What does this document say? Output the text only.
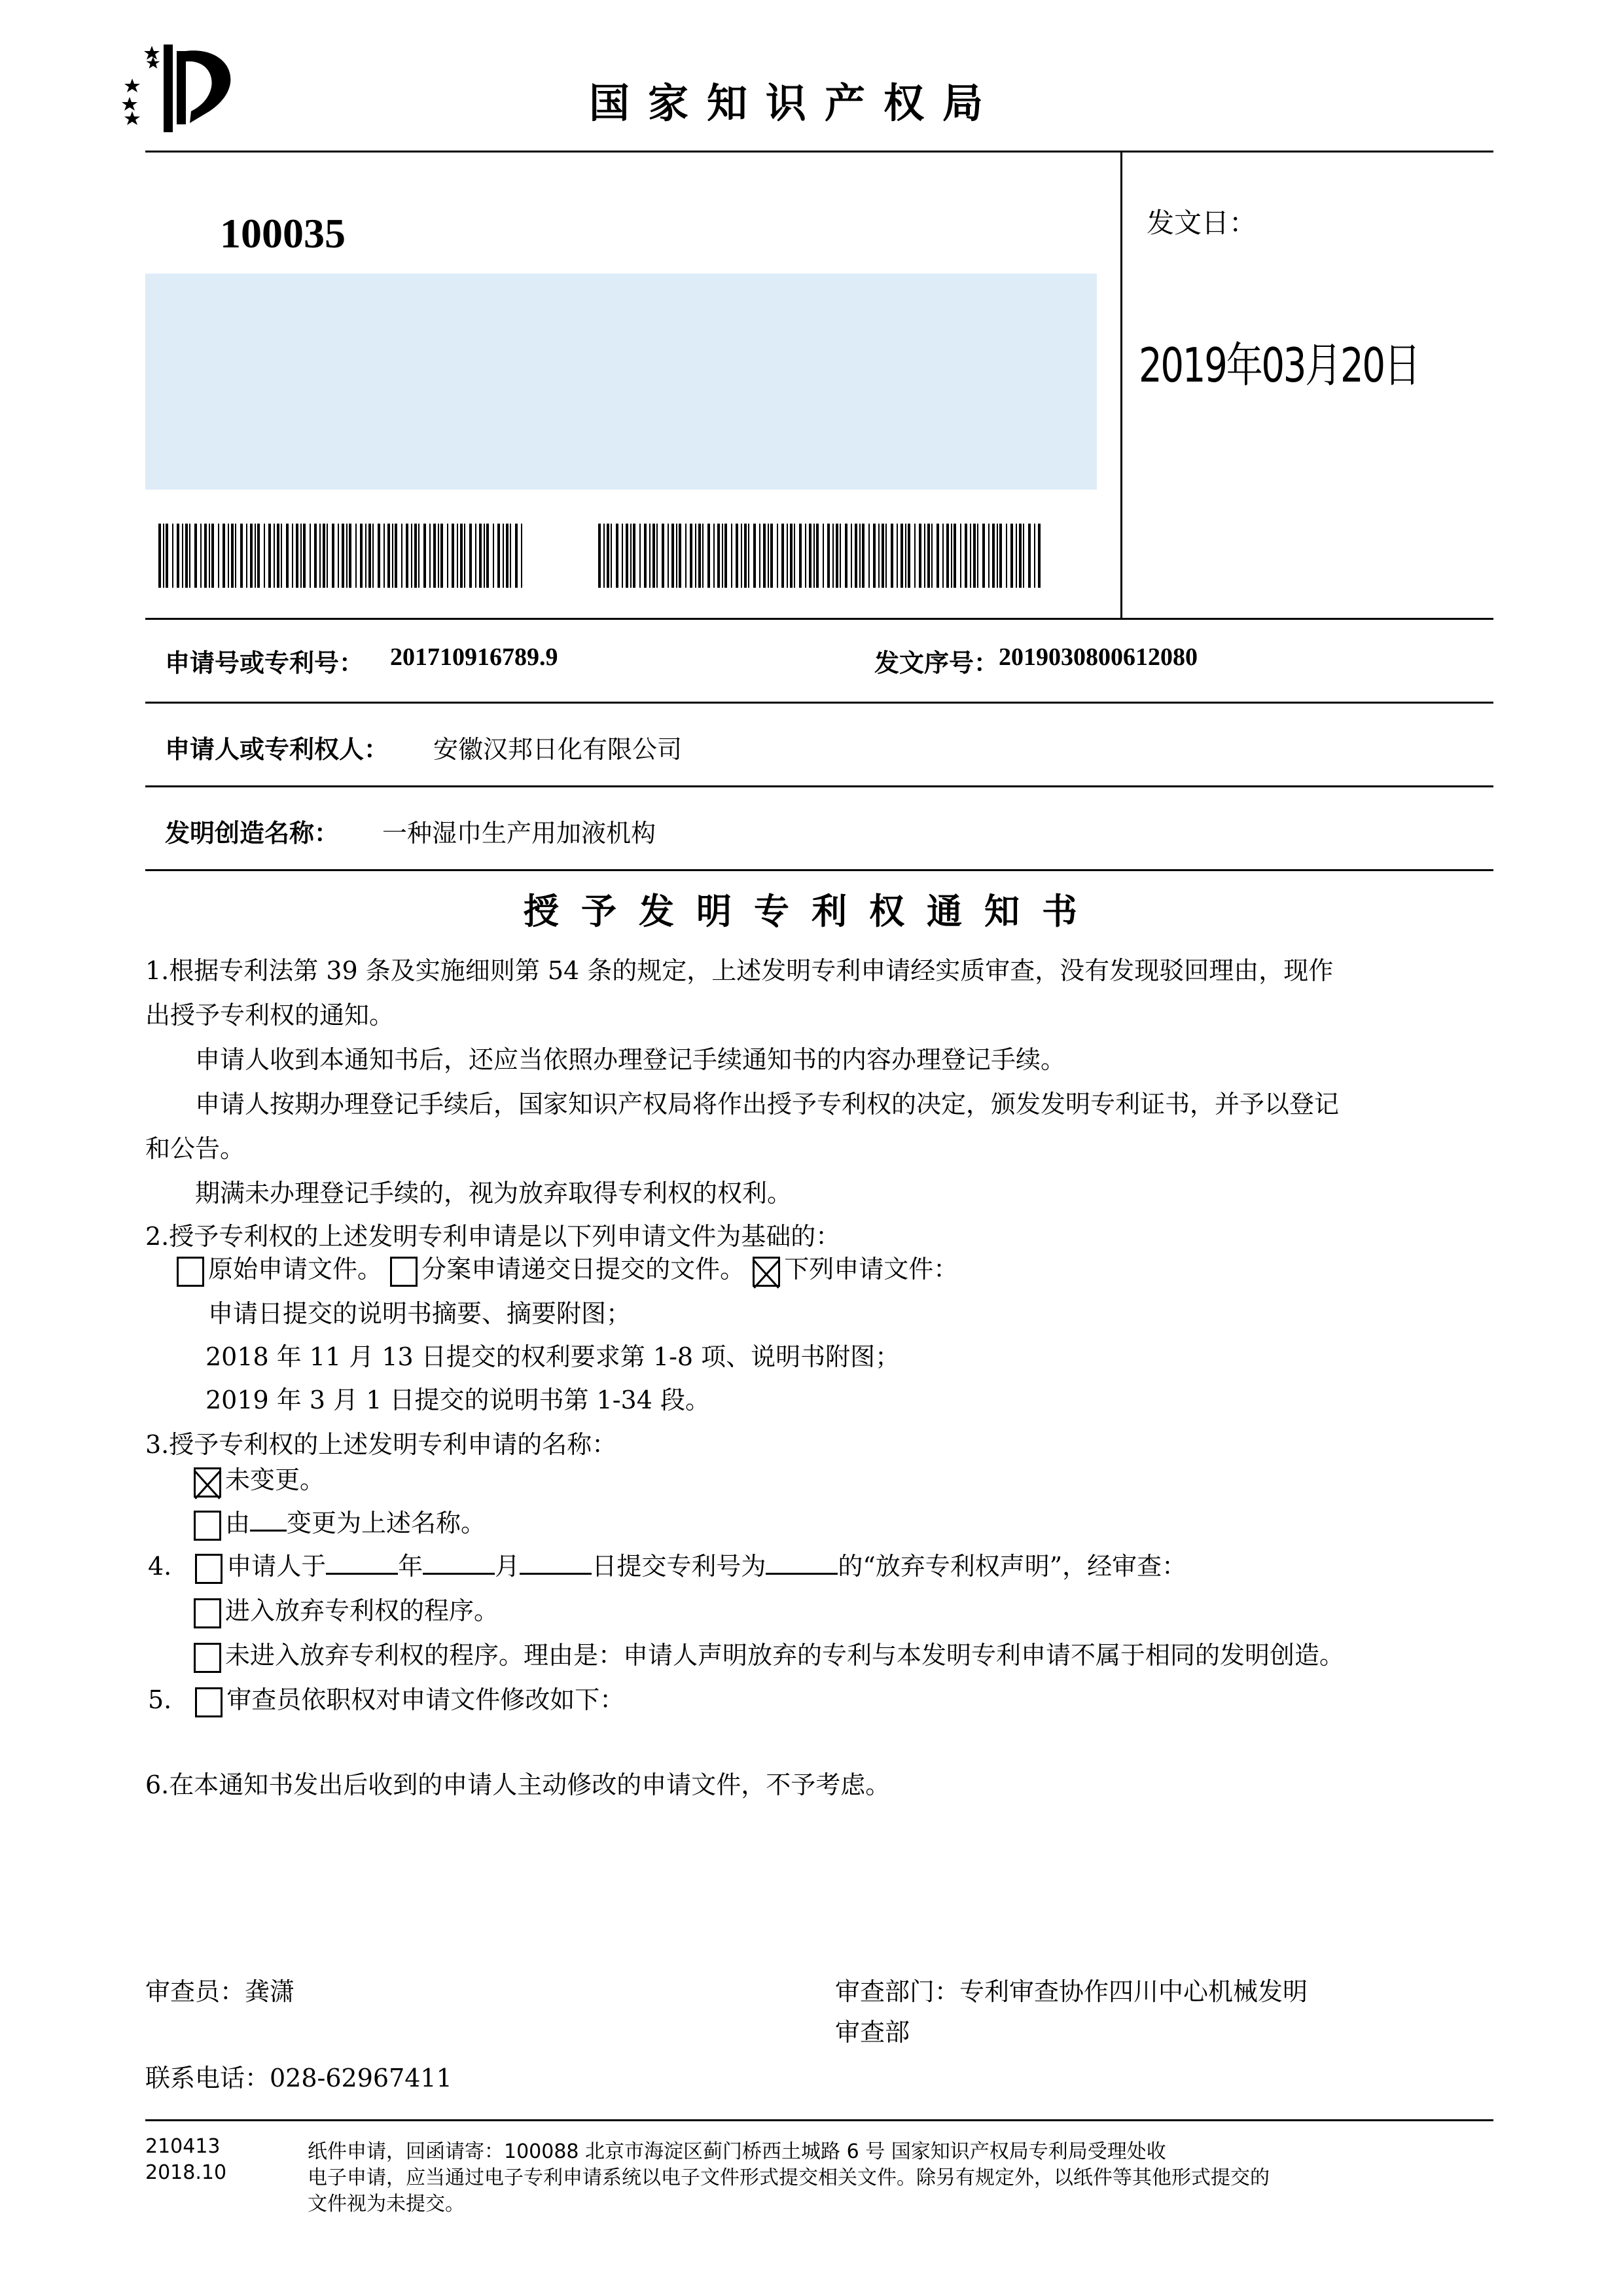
国家知识产权局
100035	发文日：
2019年03月20日
申请号或专利号： 201710916789.9	发文序号： 2019030800612080
申请人或专利权人： 安徽汉邦日化有限公司
发明创造名称： 一种湿巾生产用加液机构
授予发明专利权通知书
1.根据专利法第 39 条及实施细则第 54 条的规定，上述发明专利申请经实质审查，没有发现驳回理由，现作
出授予专利权的通知。
申请人收到本通知书后，还应当依照办理登记手续通知书的内容办理登记手续。
申请人按期办理登记手续后，国家知识产权局将作出授予专利权的决定，颁发发明专利证书，并予以登记
和公告。
期满未办理登记手续的，视为放弃取得专利权的权利。
2.授予专利权的上述发明专利申请是以下列申请文件为基础的：
原始申请文件。 分案申请递交日提交的文件。 下列申请文件：
申请日提交的说明书摘要、摘要附图；
2018 年 11 月 13 日提交的权利要求第 1-8 项、说明书附图；
2019 年 3 月 1 日提交的说明书第 1-34 段。
3.授予专利权的上述发明专利申请的名称：
未变更。
由 变更为上述名称。
4. 申请人于	年	月	日提交专利号为	的“放弃专利权声明”，经审查：
进入放弃专利权的程序。
未进入放弃专利权的程序。理由是：申请人声明放弃的专利与本发明专利申请不属于相同的发明创造。
5. 审查员依职权对申请文件修改如下：
6.在本通知书发出后收到的申请人主动修改的申请文件，不予考虑。
审查员：龚潇	审查部门：专利审查协作四川中心机械发明
审查部
联系电话：028-62967411
210413
2018.10
纸件申请，回函请寄：100088 北京市海淀区蓟门桥西土城路 6 号 国家知识产权局专利局受理处收
电子申请，应当通过电子专利申请系统以电子文件形式提交相关文件。除另有规定外，以纸件等其他形式提交的
文件视为未提交。
